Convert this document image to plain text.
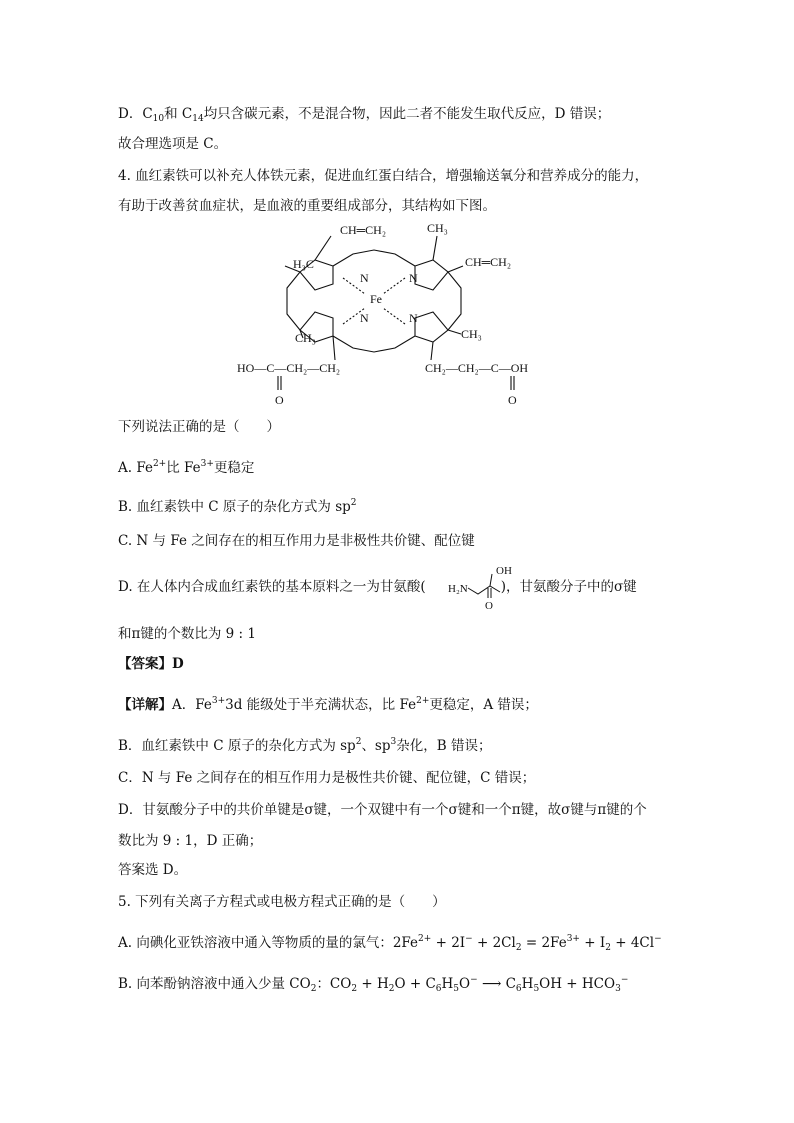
D．$C_{10}$和 $C_{14}$均只含碳元素，不是混合物，因此二者不能发生取代反应，D 错误；
故合理选项是 C。
4. 血红素铁可以补充人体铁元素，促进血红蛋白结合，增强输送氧分和营养成分的能力，
有助于改善贫血症状，是血液的重要组成部分，其结构如下图。
CH═CH₂	CH₃
H₃C	CH═CH₂
N	N
N	N
Fe
CH₃	CH₃
HO—C—CH₂—CH₂	CH₂—CH₂—C—OH
O	O
下列说法正确的是（　　）
A. $Fe^{2+}$比 $Fe^{3+}$更稳定
B. 血红素铁中 C 原子的杂化方式为 $sp^2$
C. N 与 Fe 之间存在的相互作用力是非极性共价键、配位键
D. 在人体内合成血红素铁的基本原料之一为甘氨酸(	)，甘氨酸分子中的σ键
OH
H₂N
O
和π键的个数比为 9 : 1
【答案】D
【详解】A．$Fe^{3+}3d$ 能级处于半充满状态，比 $Fe^{2+}$更稳定，A 错误；
B．血红素铁中 C 原子的杂化方式为 $sp^2$、$sp^3$杂化，B 错误；
C．N 与 Fe 之间存在的相互作用力是极性共价键、配位键，C 错误；
D．甘氨酸分子中的共价单键是σ键，一个双键中有一个σ键和一个π键，故σ键与π键的个
数比为 9 : 1，D 正确；
答案选 D。
5. 下列有关离子方程式或电极方程式正确的是（　　）
A. 向碘化亚铁溶液中通入等物质的量的氯气：$2Fe^{2+} + 2I^- + 2Cl_2 = 2Fe^{3+} + I_2 + 4Cl^-$
B. 向苯酚钠溶液中通入少量 $CO_2$：$CO_2 + H_2O + C_6H_5O^-$ ⟶ $C_6H_5OH + HCO_3^-$
